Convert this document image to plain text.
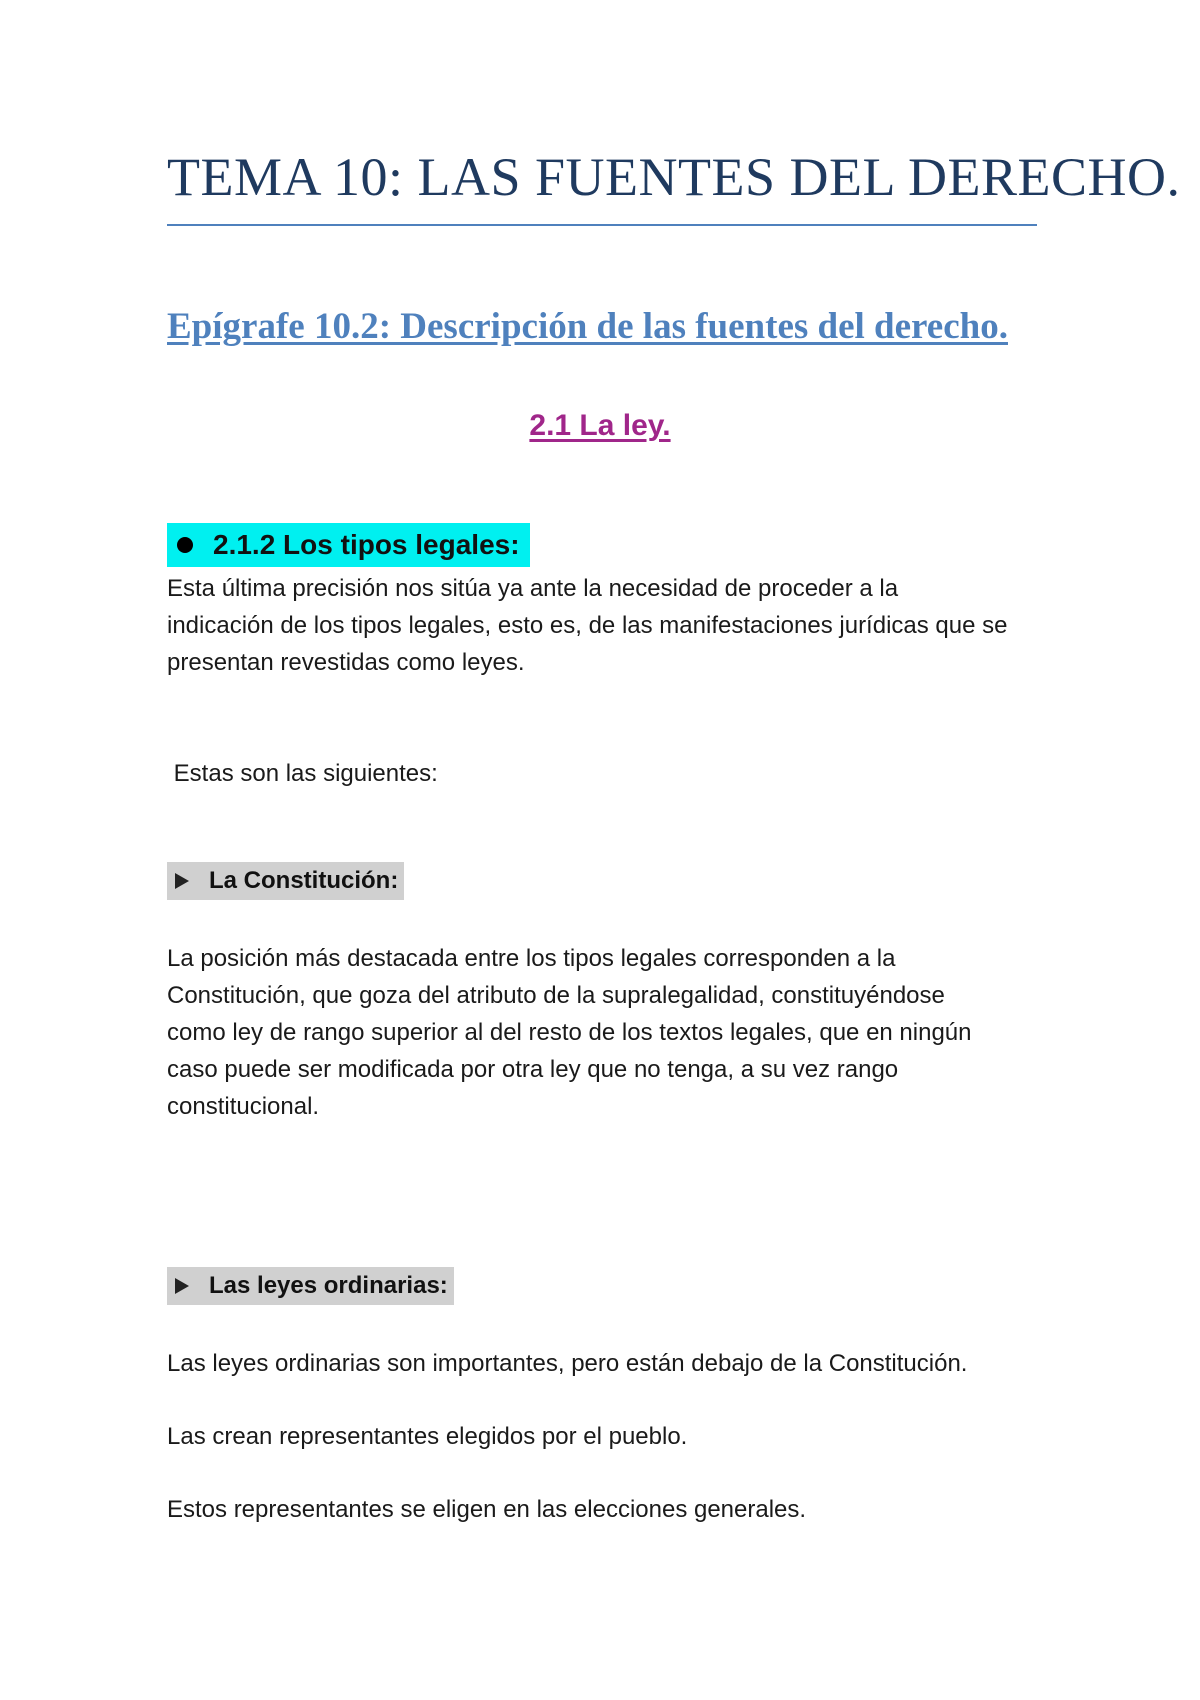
TEMA 10: LAS FUENTES DEL DERECHO.
Epígrafe 10.2: Descripción de las fuentes del derecho.
2.1 La ley.
2.1.2 Los tipos legales:

Esta última precisión nos sitúa ya ante la necesidad de proceder a la
indicación de los tipos legales, esto es, de las manifestaciones jurídicas que se
presentan revestidas como leyes.

Estas son las siguientes:

La Constitución:

La posición más destacada entre los tipos legales corresponden a la
Constitución, que goza del atributo de la supralegalidad, constituyéndose
como ley de rango superior al del resto de los textos legales, que en ningún
caso puede ser modificada por otra ley que no tenga, a su vez rango
constitucional.

Las leyes ordinarias:

Las leyes ordinarias son importantes, pero están debajo de la Constitución.

Las crean representantes elegidos por el pueblo.

Estos representantes se eligen en las elecciones generales.
